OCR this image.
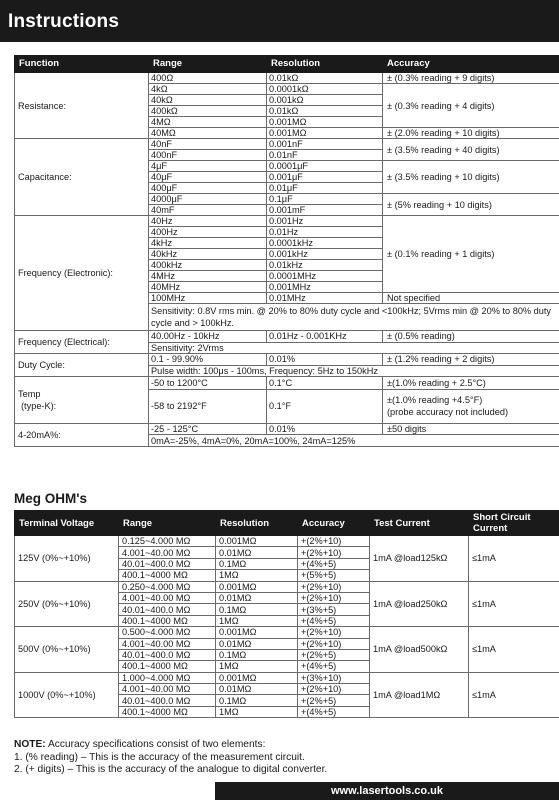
Instructions
Function	Range	Resolution	Accuracy
Resistance:	400Ω	0.01kΩ	± (0.3% reading + 9 digits)
	4kΩ	0.0001kΩ	± (0.3% reading + 4 digits)
	40kΩ	0.001kΩ	
	400kΩ	0.01kΩ	
	4MΩ	0.001MΩ	
	40MΩ	0.001MΩ	± (2.0% reading + 10 digits)
Capacitance:	40nF	0.001nF	± (3.5% reading + 40 digits)
	400nF	0.01nF	
	4μF	0.0001μF	± (3.5% reading + 10 digits)
	40μF	0.001μF	
	400μF	0.01μF	
	4000μF	0.1μF	± (5% reading + 10 digits)
	40mF	0.001mF	
Frequency (Electronic):	40Hz	0.001Hz	± (0.1% reading + 1 digits)
	400Hz	0.01Hz	
	4kHz	0.0001kHz	
	40kHz	0.001kHz	
	400kHz	0.01kHz	
	4MHz	0.0001MHz	
	40MHz	0.001MHz	
	100MHz	0.01MHz	Not specified
	Sensitivity: 0.8V rms min. @ 20% to 80% duty cycle and <100kHz; 5Vrms min @ 20% to 80% duty cycle and > 100kHz.		
Frequency (Electrical):	40.00Hz - 10kHz	0.01Hz - 0.001KHz	± (0.5% reading)
	Sensitivity: 2Vrms		
Duty Cycle:	0.1 - 99.90%	0.01%	± (1.2% reading + 2 digits)
	Pulse width: 100μs - 100ms, Frequency: 5Hz to 150kHz		

Temp
(type-K):	-50 to 1200°C	0.1°C	±(1.0% reading + 2.5°C)
	-58 to 2192°F	0.1°F	±(1.0% reading +4.5°F)
(probe accuracy not included)

4-20mA%:	-25 - 125°C	0.01%	±50 digits
	0mA=-25%, 4mA=0%, 20mA=100%, 24mA=125%		
Meg OHM's
Terminal Voltage	Range	Resolution	Accuracy	Test Current	Short Circuit Current
125V (0%~+10%)	0.125~4.000 MΩ	0.001MΩ	+(2%+10)	1mA @load125kΩ	≤1mA
	4.001~40.00 MΩ	0.01MΩ	+(2%+10)		
	40.01~400.0 MΩ	0.1MΩ	+(4%+5)		
	400.1~4000 MΩ	1MΩ	+(5%+5)		
250V (0%~+10%)	0.250~4.000 MΩ	0.001MΩ	+(2%+10)	1mA @load250kΩ	≤1mA
	4.001~40.00 MΩ	0.01MΩ	+(2%+10)		
	40.01~400.0 MΩ	0.1MΩ	+(3%+5)		
	400.1~4000 MΩ	1MΩ	+(4%+5)		
500V (0%~+10%)	0.500~4.000 MΩ	0.001MΩ	+(2%+10)	1mA @load500kΩ	≤1mA
	4.001~40.00 MΩ	0.01MΩ	+(2%+10)		
	40.01~400.0 MΩ	0.1MΩ	+(2%+5)		
	400.1~4000 MΩ	1MΩ	+(4%+5)		
1000V (0%~+10%)	1.000~4.000 MΩ	0.001MΩ	+(3%+10)	1mA @load1MΩ	≤1mA
	4.001~40.00 MΩ	0.01MΩ	+(2%+10)		
	40.01~400.0 MΩ	0.1MΩ	+(2%+5)		
	400.1~4000 MΩ	1MΩ	+(4%+5)		
NOTE: Accuracy specifications consist of two elements:
1. (% reading) – This is the accuracy of the measurement circuit.
2. (+ digits) – This is the accuracy of the analogue to digital converter.
www.lasertools.co.uk
